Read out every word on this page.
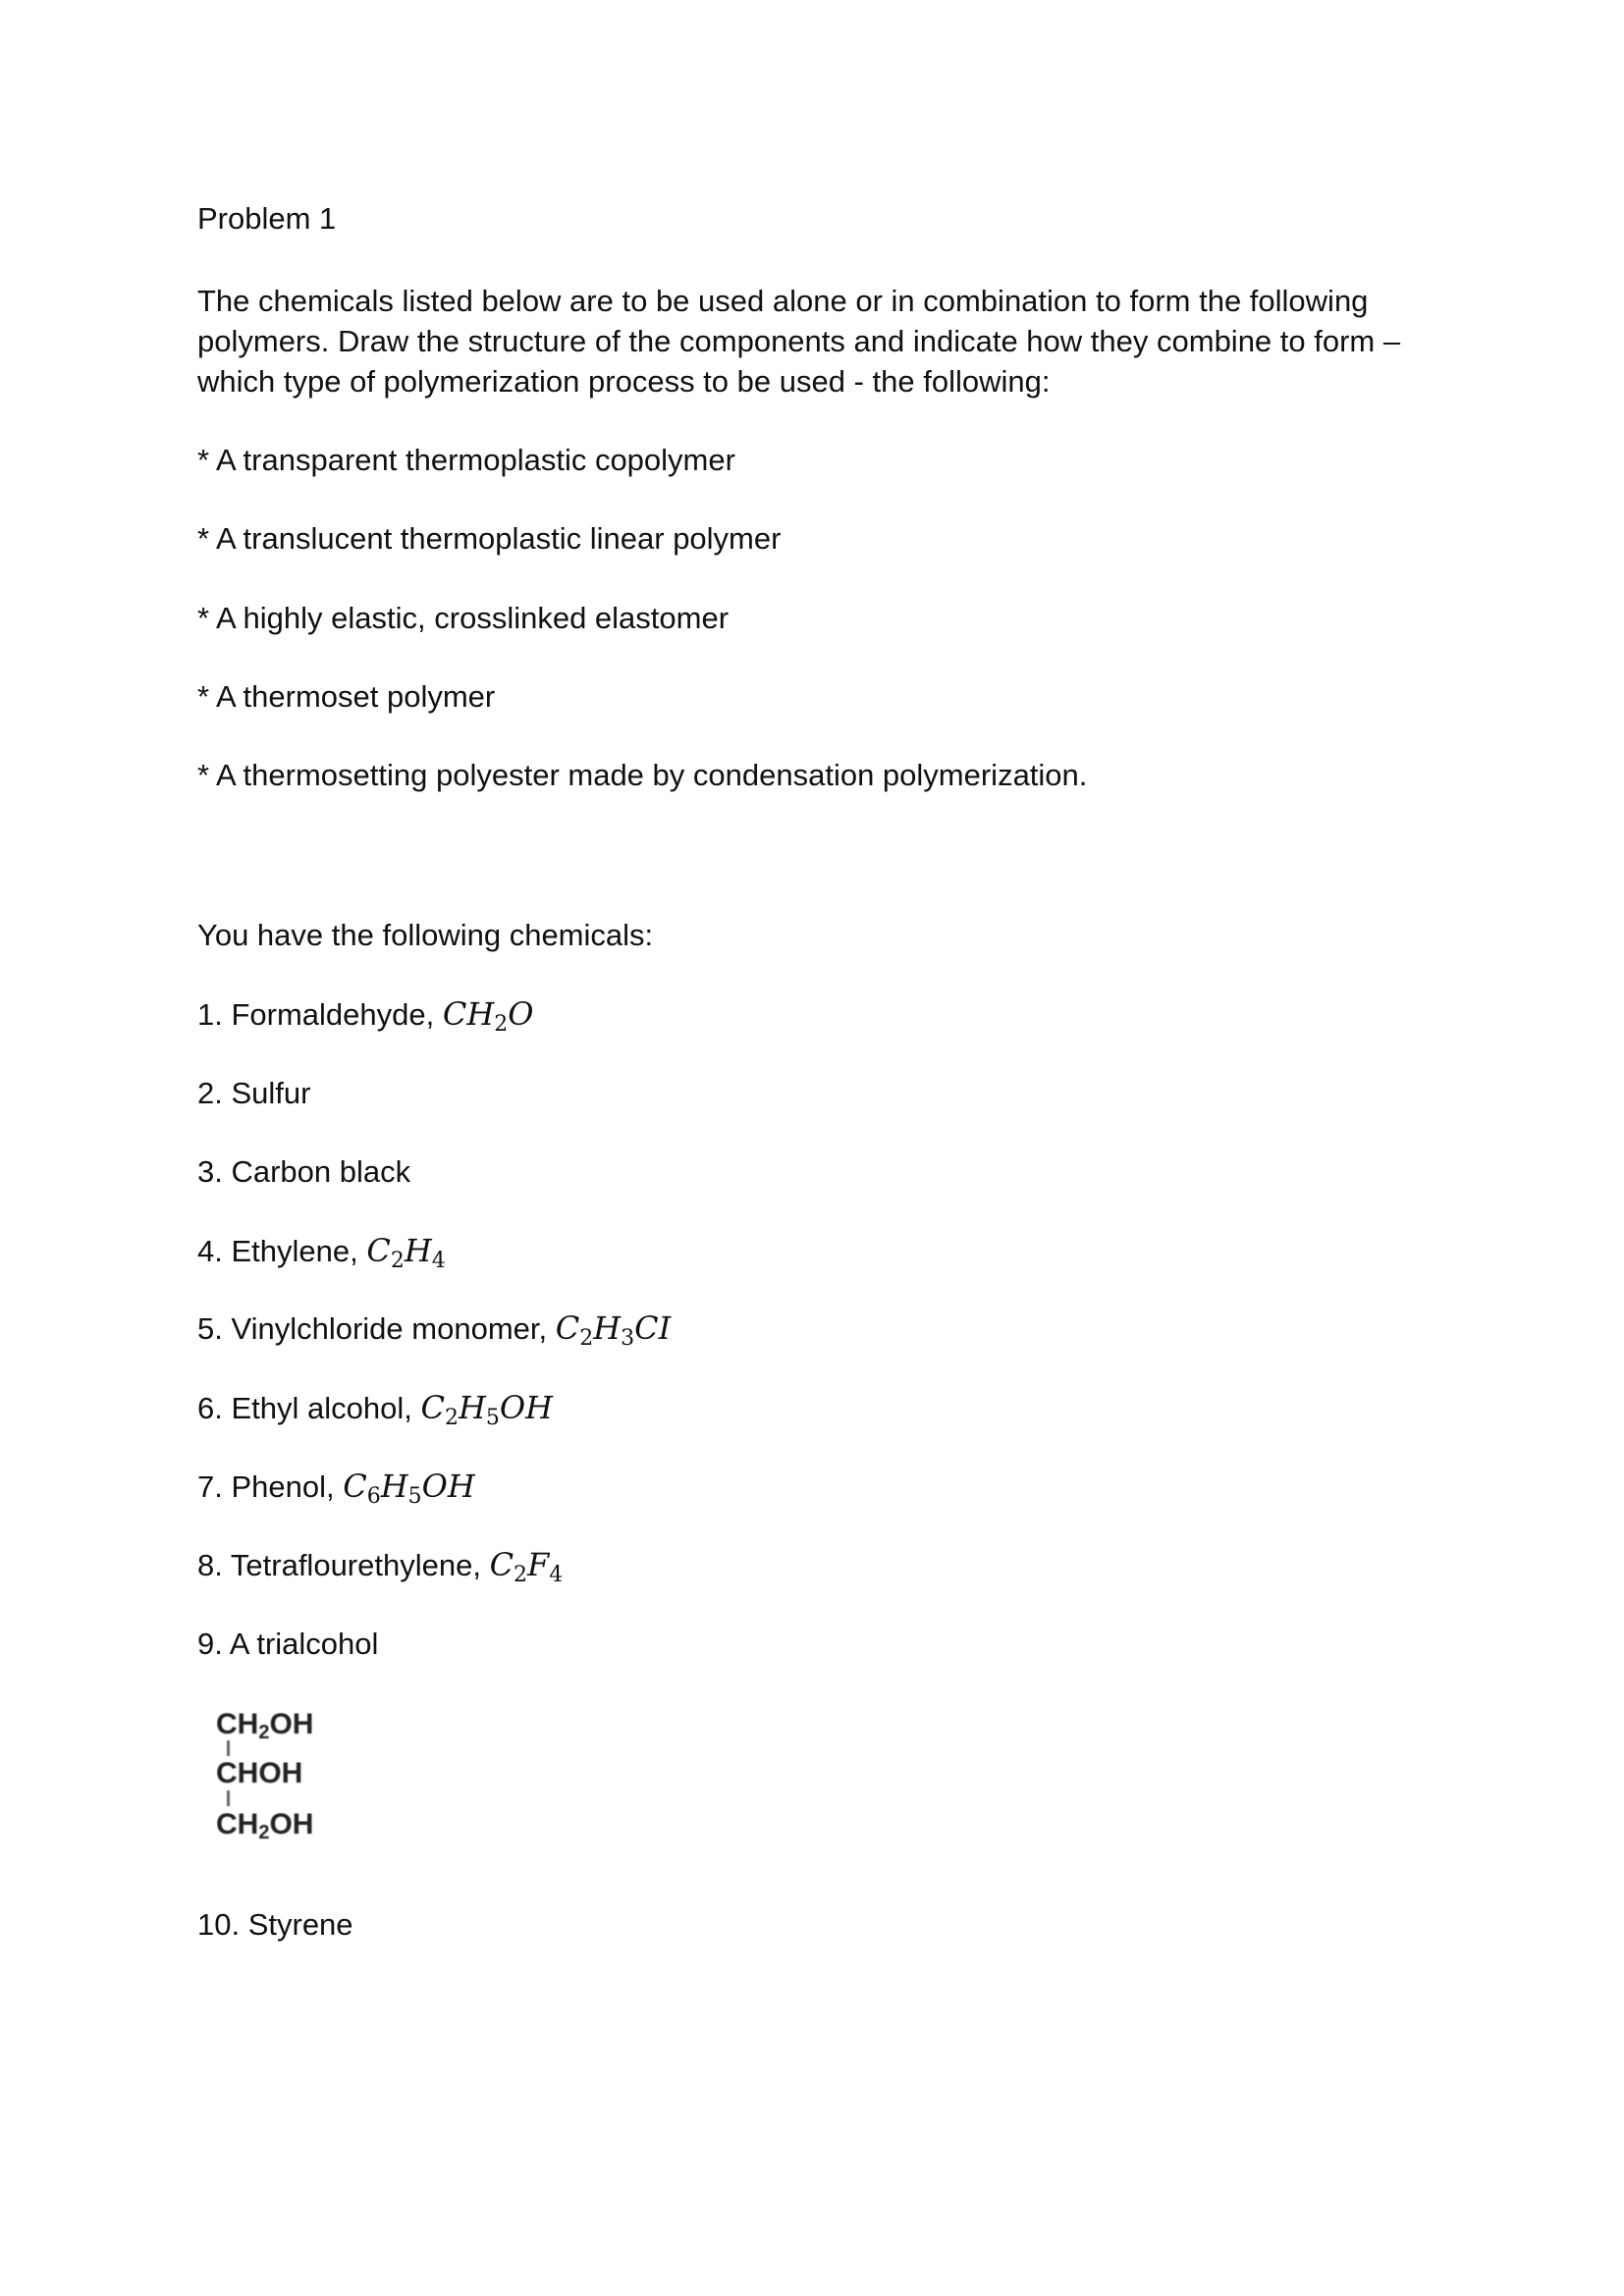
Problem 1
The chemicals listed below are to be used alone or in combination to form the following
polymers. Draw the structure of the components and indicate how they combine to form –
which type of polymerization process to be used - the following:
* A transparent thermoplastic copolymer
* A translucent thermoplastic linear polymer
* A highly elastic, crosslinked elastomer
* A thermoset polymer
* A thermosetting polyester made by condensation polymerization.
You have the following chemicals:
1. Formaldehyde, $CH_2O$
2. Sulfur
3. Carbon black
4. Ethylene, $C_2H_4$
5. Vinylchloride monomer, $C_2H_3CI$
6. Ethyl alcohol, $C_2H_5OH$
7. Phenol, $C_6H_5OH$
8. Tetraflourethylene, $C_2F_4$
9. A trialcohol
$CH_2OH$
CHOH
$CH_2OH$
10. Styrene
